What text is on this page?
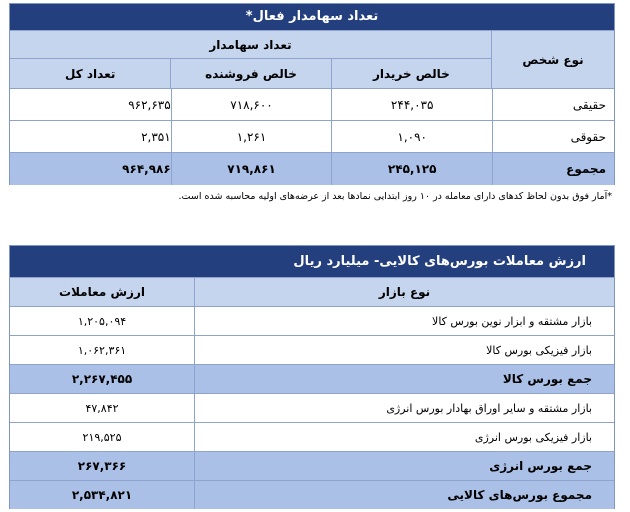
تعداد سهامدار فعال*
نوع شخص
تعداد سهامدار
خالص خریدار
خالص فروشنده
تعداد کل
حقیقی
۲۴۴,۰۳۵
۷۱۸,۶۰۰
۹۶۲,۶۳۵
حقوقی
۱,۰۹۰
۱,۲۶۱
۲,۳۵۱
مجموع
۲۴۵,۱۲۵
۷۱۹,۸۶۱
۹۶۴,۹۸۶
*آمار فوق بدون لحاظ کدهای دارای معامله در ۱۰ روز ابتدایی نمادها بعد از عرضه‌های اولیه محاسبه شده است.
ارزش معاملات بورس‌های کالایی- میلیارد ریال
نوع بازار
ارزش معاملات
بازار مشتقه و ابزار نوین بورس کالا
۱,۲۰۵,۰۹۴
بازار فیزیکی بورس کالا
۱,۰۶۲,۳۶۱
جمع بورس کالا
۲,۲۶۷,۴۵۵
بازار مشتقه و سایر اوراق بهادار بورس انرژی
۴۷,۸۴۲
بازار فیزیکی بورس انرژی
۲۱۹,۵۲۵
جمع بورس انرژی
۲۶۷,۳۶۶
مجموع بورس‌های کالایی
۲,۵۳۴,۸۲۱
